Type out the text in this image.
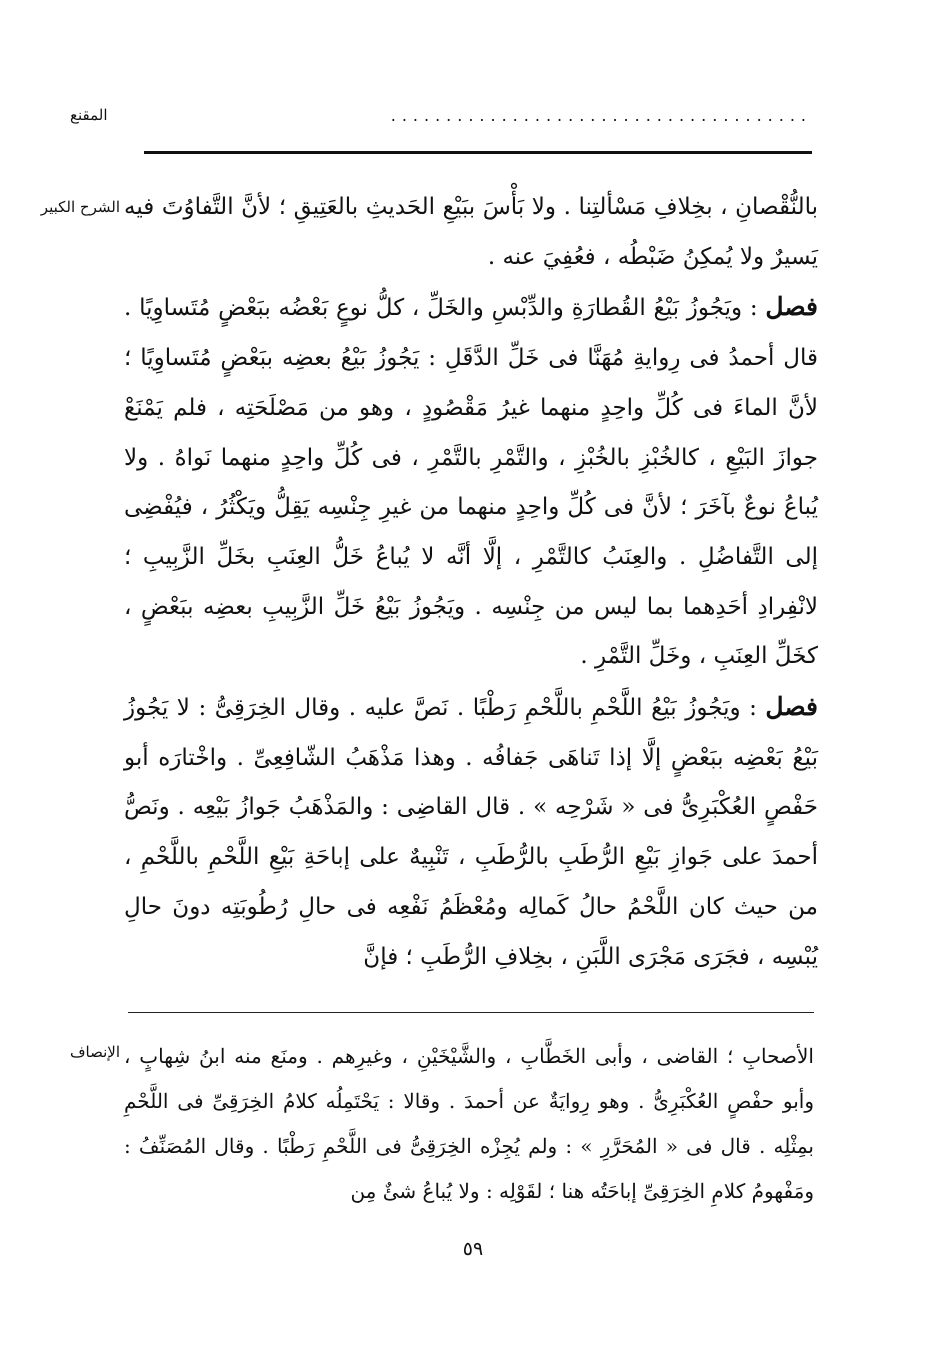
المقنع	......................................
الشرح الكبير بالنُّقْصانِ ، بخِلافِ مَسْألتِنا . ولا بَأْسَ ببَيْعِ الحَديثِ بالعَتِيقِ ؛ لأنَّ التَّفاوُتَ فيه يَسيرٌ ولا يُمكِنُ ضَبْطُه ، فعُفِيَ عنه .

فصل : ويَجُوزُ بَيْعُ القُطارَةِ والدِّبْسِ والخَلِّ ، كلُّ نوعٍ بَعْضُه ببَعْضٍ مُتَساوِيًا . قال أحمدُ فى رِوايةِ مُهَنَّا فى خَلِّ الدَّقَلِ : يَجُوزُ بَيْعُ بعضِه ببَعْضٍ مُتَساوِيًا ؛ لأنَّ الماءَ فى كُلِّ واحِدٍ منهما غيرُ مَقْصُودٍ ، وهو من مَصْلَحَتِه ، فلم يَمْنَعْ جوازَ البَيْعِ ، كالخُبْزِ بالخُبْزِ ، والتَّمْرِ بالتَّمْرِ ، فى كُلِّ واحِدٍ منهما نَواهُ . ولا يُباعُ نوعٌ بآخَرَ ؛ لأنَّ فى كُلِّ واحِدٍ منهما من غيرِ جِنْسِه يَقِلُّ ويَكْثُرُ ، فيُفْضِى إلى التَّفاضُلِ . والعِنَبُ كالتَّمْرِ ، إلَّا أنَّه لا يُباعُ خَلُّ العِنَبِ بخَلِّ الزَّبِيبِ ؛ لانْفِرادِ أحَدِهما بما ليس من جِنْسِه . ويَجُوزُ بَيْعُ خَلِّ الزَّبِيبِ بعضِه ببَعْضٍ ، كخَلِّ العِنَبِ ، وخَلِّ التَّمْرِ .

فصل : ويَجُوزُ بَيْعُ اللَّحْمِ باللَّحْمِ رَطْبًا . نَصَّ عليه . وقال الخِرَقِىُّ : لا يَجُوزُ بَيْعُ بَعْضِه ببَعْضٍ إلَّا إذا تَناهَى جَفافُه . وهذا مَذْهَبُ الشّافِعِىِّ . واخْتارَه أبو حَفْصٍ العُكْبَرِىُّ فى « شَرْحِه » . قال القاضِى : والمَذْهَبُ جَوازُ بَيْعِه . ونَصُّ أحمدَ على جَوازِ بَيْعِ الرُّطَبِ بالرُّطَبِ ، تَنْبِيهٌ على إباحَةِ بَيْعِ اللَّحْمِ باللَّحْمِ ، من حيث كان اللَّحْمُ حالُ كَمالِه ومُعْظَمُ نَفْعِه فى حالِ رُطُوبَتِه دونَ حالِ يُبْسِه ، فجَرَى مَجْرَى اللَّبَنِ ، بخِلافِ الرُّطَبِ ؛ فإنَّ

الإنصاف الأصحابِ ؛ القاضى ، وأبى الخَطَّابِ ، والشَّيْخَيْنِ ، وغيرِهم . ومنَع منه ابنُ شِهابٍ ، وأبو حفْصٍ العُكْبَرِىُّ . وهو رِوايَةٌ عن أحمدَ . وقالا : يَحْتَمِلُه كلامُ الخِرَقِىِّ فى اللَّحْمِ بمِثْلِه . قال فى « المُحَرَّرِ » : ولم يُجِزْه الخِرَقِىُّ فى اللَّحْمِ رَطْبًا . وقال المُصَنِّفُ : ومَفْهومُ كلامِ الخِرَقِىِّ إباحَتُه هنا ؛ لقَوْلِه : ولا يُباعُ شئٌ مِن

٥٩
